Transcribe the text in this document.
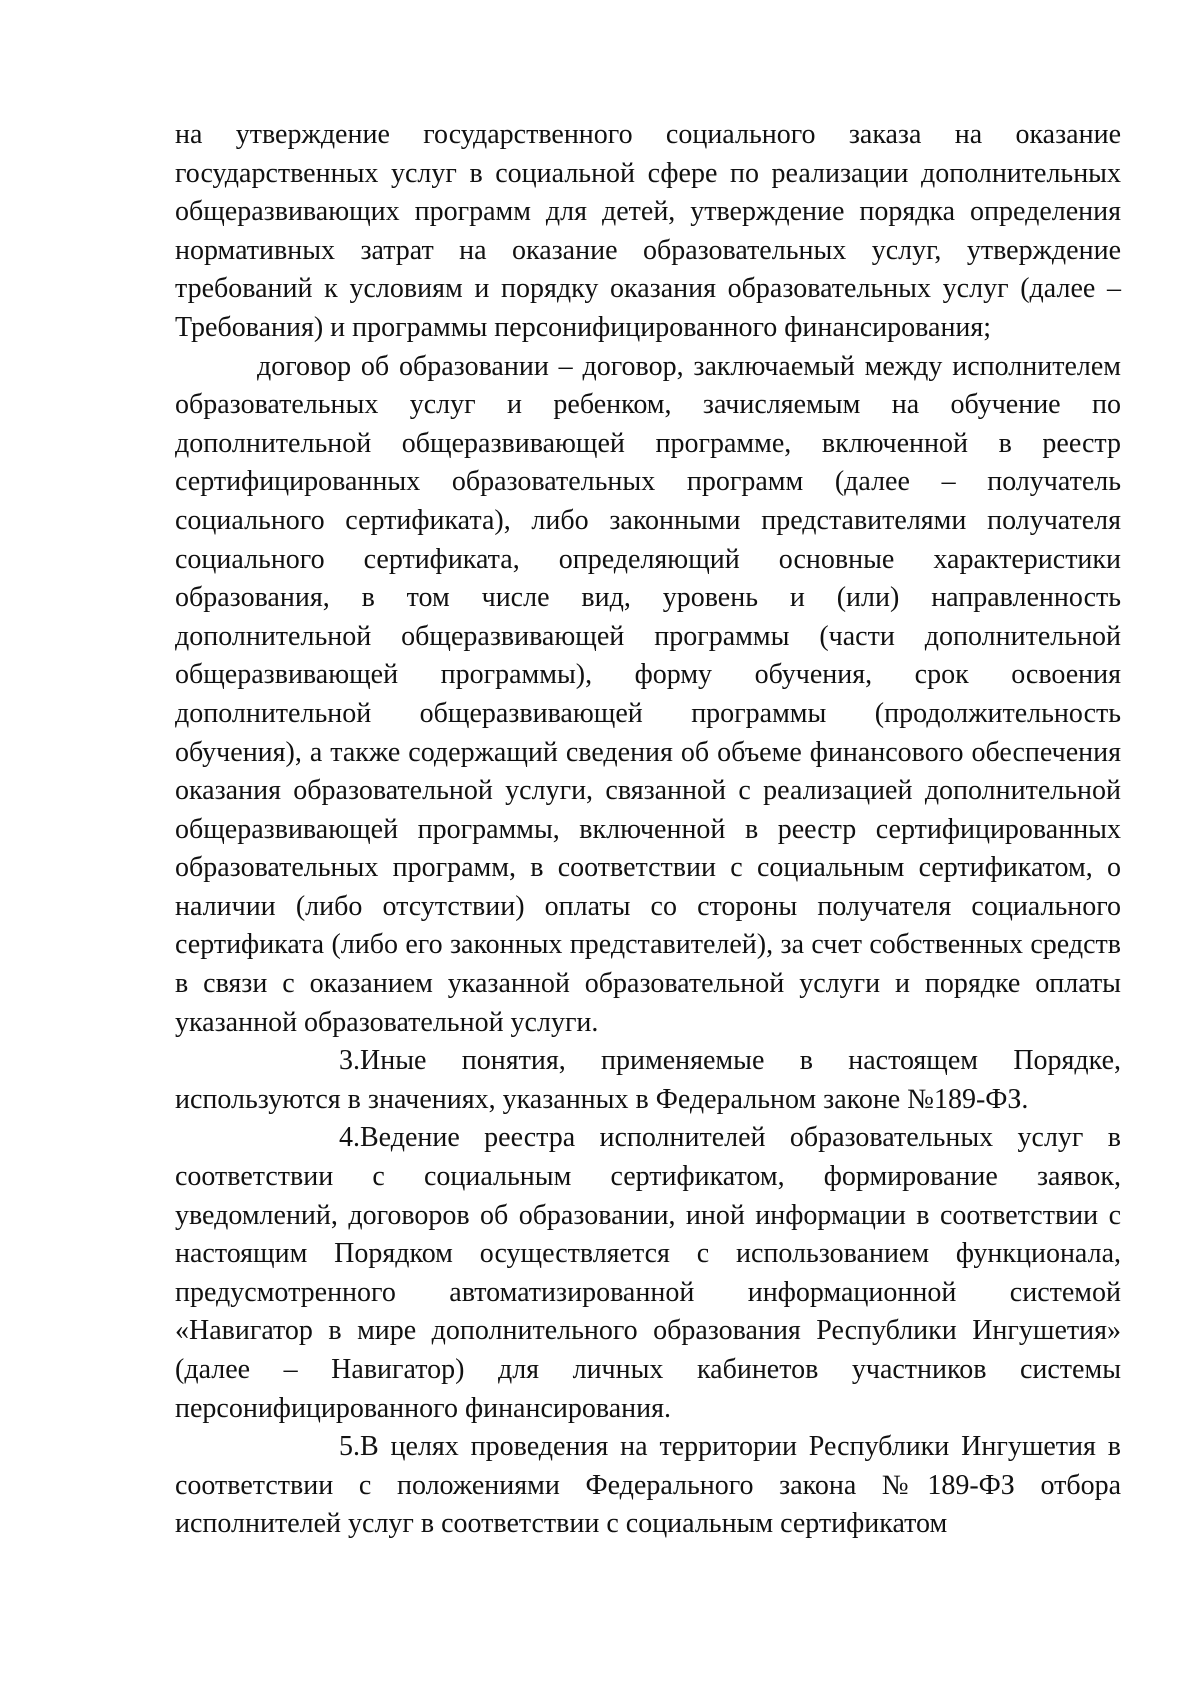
на утверждение государственного социального заказа на оказание государственных услуг в социальной сфере по реализации дополнительных общеразвивающих программ для детей, утверждение порядка определения нормативных затрат на оказание образовательных услуг, утверждение требований к условиям и порядку оказания образовательных услуг (далее – Требования) и программы персонифицированного финансирования;

договор об образовании – договор, заключаемый между исполнителем образовательных услуг и ребенком, зачисляемым на обучение по дополнительной общеразвивающей программе, включенной в реестр сертифицированных образовательных программ (далее – получатель социального сертификата), либо законными представителями получателя социального сертификата, определяющий основные характеристики образования, в том числе вид, уровень и (или) направленность дополнительной общеразвивающей программы (части дополнительной общеразвивающей программы), форму обучения, срок освоения дополнительной общеразвивающей программы (продолжительность обучения), а также содержащий сведения об объеме финансового обеспечения оказания образовательной услуги, связанной с реализацией дополнительной общеразвивающей программы, включенной в реестр сертифицированных образовательных программ, в соответствии с социальным сертификатом, о наличии (либо отсутствии) оплаты со стороны получателя социального сертификата (либо его законных представителей), за счет собственных средств в связи с оказанием указанной образовательной услуги и порядке оплаты указанной образовательной услуги.

3.Иные понятия, применяемые в настоящем Порядке, используются в значениях, указанных в Федеральном законе №189-ФЗ.

4.Ведение реестра исполнителей образовательных услуг в соответствии с социальным сертификатом, формирование заявок, уведомлений, договоров об образовании, иной информации в соответствии с настоящим Порядком осуществляется с использованием функционала, предусмотренного автоматизированной информационной системой «Навигатор в мире дополнительного образования Республики Ингушетия» (далее – Навигатор) для личных кабинетов участников системы персонифицированного финансирования.

5.В целях проведения на территории Республики Ингушетия в соответствии с положениями Федерального закона №189-ФЗ отбора исполнителей услуг в соответствии с социальным сертификатом
